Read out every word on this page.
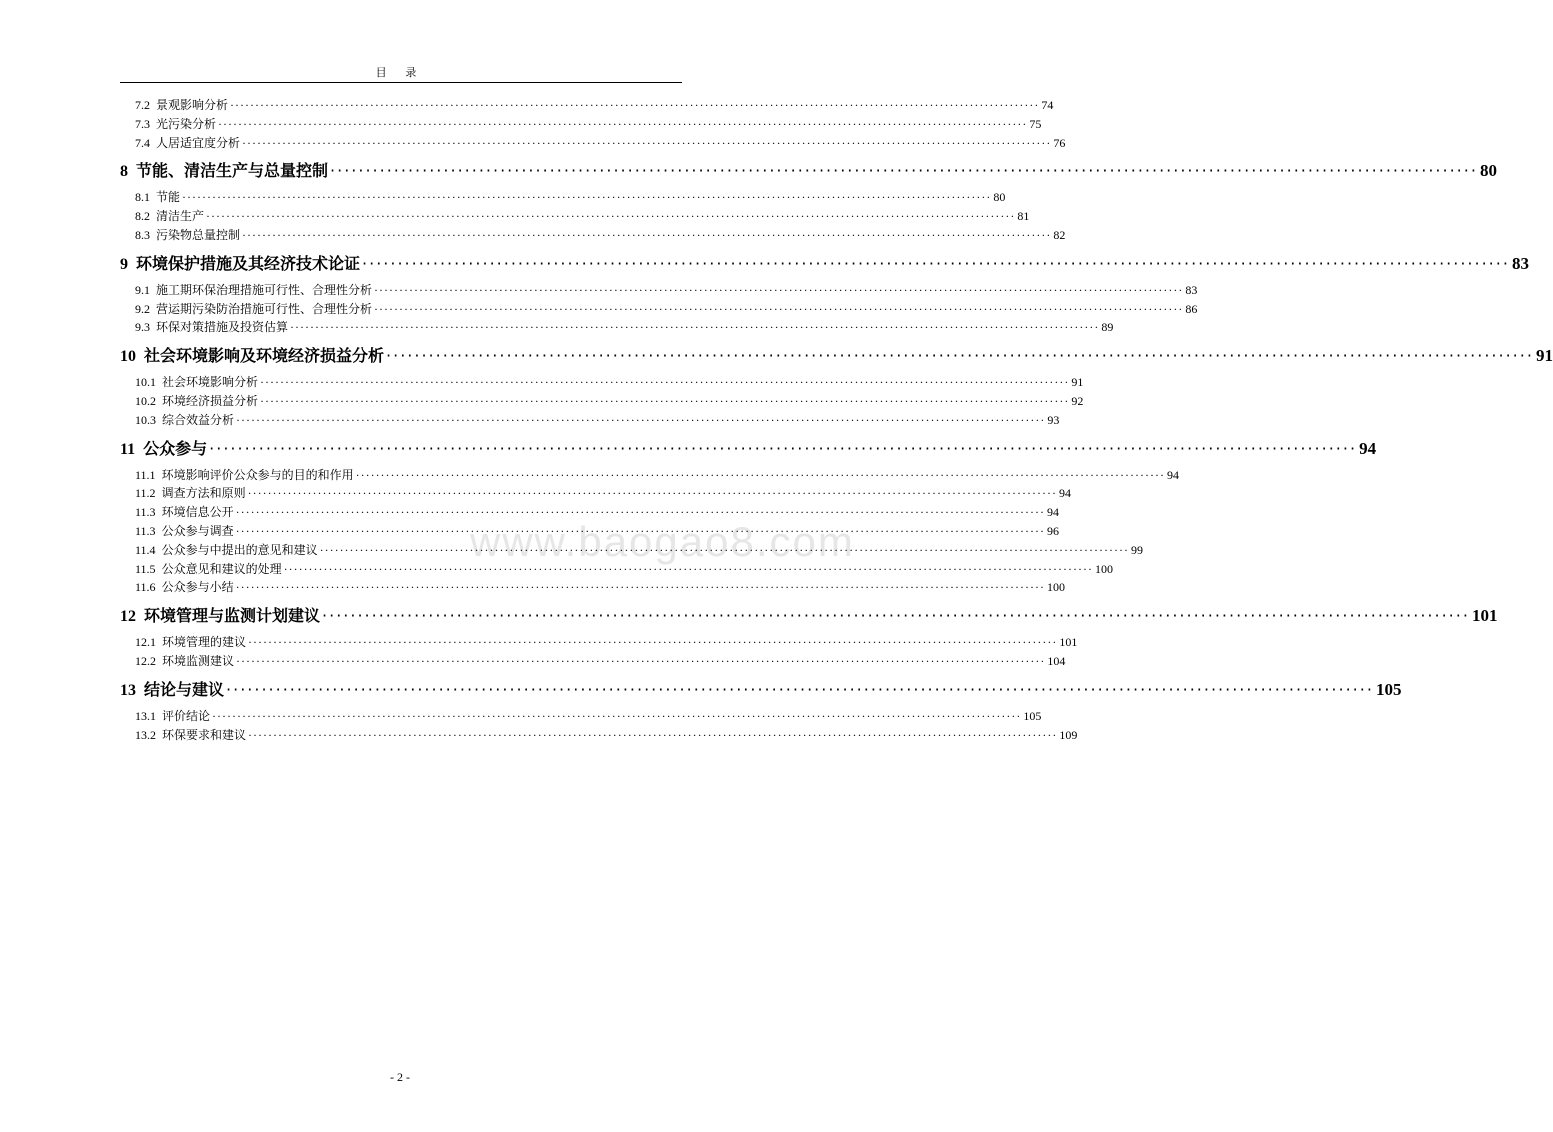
目 录
www.baogao8.com
7.2 景观影响分析 ·····	74
7.3 光污染分析 ·····	75
7.4 人居适宜度分析 ·····	76
8 节能、清洁生产与总量控制 ·····	80
8.1 节能 ·····	80
8.2 清洁生产 ·····	81
8.3 污染物总量控制 ·····	82
9 环境保护措施及其经济技术论证 ·····	83
9.1 施工期环保治理措施可行性、合理性分析 ·····	83
9.2 营运期污染防治措施可行性、合理性分析 ·····	86
9.3 环保对策措施及投资估算 ·····	89
10 社会环境影响及环境经济损益分析 ·····	91
10.1 社会环境影响分析 ·····	91
10.2 环境经济损益分析 ·····	92
10.3 综合效益分析 ·····	93
11 公众参与 ·····	94
11.1 环境影响评价公众参与的目的和作用 ·····	94
11.2 调查方法和原则 ·····	94
11.3 环境信息公开 ·····	94
11.3 公众参与调查 ·····	96
11.4 公众参与中提出的意见和建议 ·····	99
11.5 公众意见和建议的处理 ·····	100
11.6 公众参与小结 ·····	100
12 环境管理与监测计划建议 ·····	101
12.1 环境管理的建议 ·····	101
12.2 环境监测建议 ·····	104
13 结论与建议 ·····	105
13.1 评价结论 ·····	105
13.2 环保要求和建议 ·····	109
- 2 -
